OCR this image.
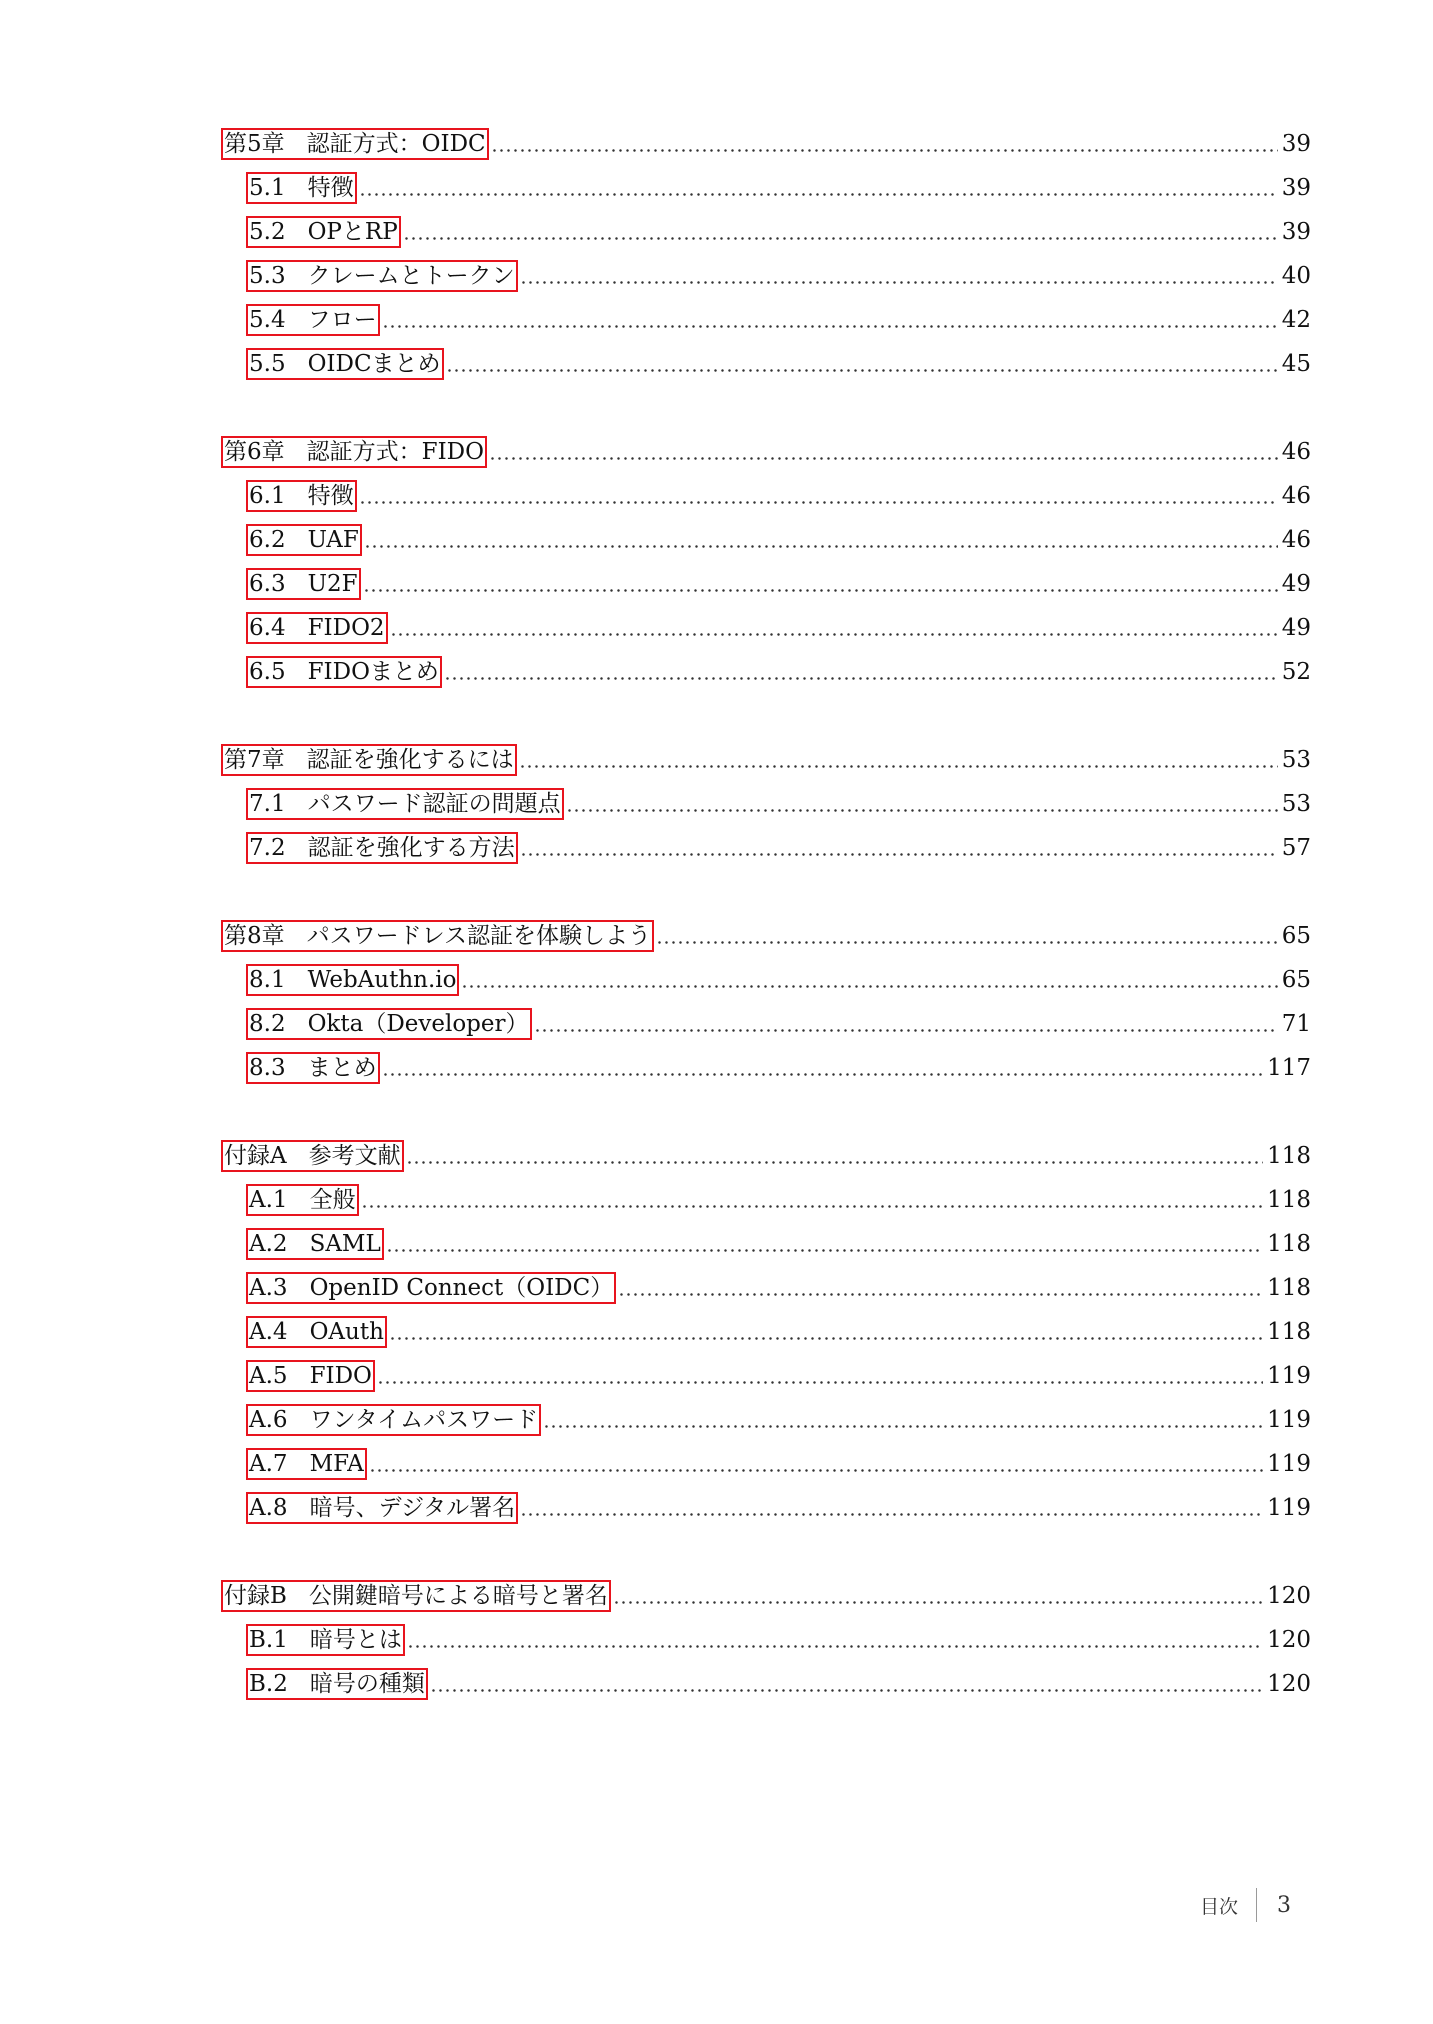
第5章 認証方式：OIDC	39
5.1 特徴	39
5.2 OPとRP	39
5.3 クレームとトークン	40
5.4 フロー	42
5.5 OIDCまとめ	45
第6章 認証方式：FIDO	46
6.1 特徴	46
6.2 UAF	46
6.3 U2F	49
6.4 FIDO2	49
6.5 FIDOまとめ	52
第7章 認証を強化するには	53
7.1 パスワード認証の問題点	53
7.2 認証を強化する方法	57
第8章 パスワードレス認証を体験しよう	65
8.1 WebAuthn.io	65
8.2 Okta（Developer）	71
8.3 まとめ	117
付録A 参考文献	118
A.1 全般	118
A.2 SAML	118
A.3 OpenID Connect（OIDC）	118
A.4 OAuth	118
A.5 FIDO	119
A.6 ワンタイムパスワード	119
A.7 MFA	119
A.8 暗号、デジタル署名	119
付録B 公開鍵暗号による暗号と署名	120
B.1 暗号とは	120
B.2 暗号の種類	120
目次 3
